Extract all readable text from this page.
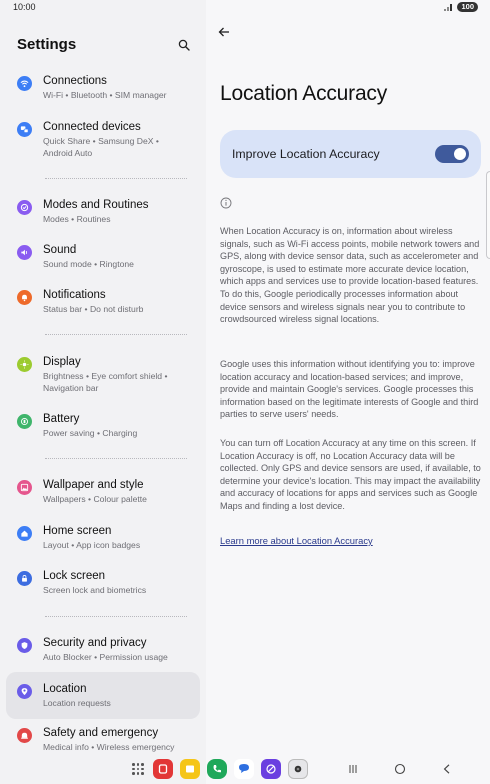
10:00	100
Settings
Connections
Wi-Fi • Bluetooth • SIM manager
Connected devices
Quick Share • Samsung DeX •
Android Auto
Modes and Routines
Modes • Routines
Sound
Sound mode • Ringtone
Notifications
Status bar • Do not disturb
Display
Brightness • Eye comfort shield •
Navigation bar
Battery
Power saving • Charging
Wallpaper and style
Wallpapers • Colour palette
Home screen
Layout • App icon badges
Lock screen
Screen lock and biometrics
Security and privacy
Auto Blocker • Permission usage
Location
Location requests
Safety and emergency
Medical info • Wireless emergency
Location Accuracy
Improve Location Accuracy

When Location Accuracy is on, information about wireless signals, such as Wi-Fi access points, mobile network towers and GPS, along with device sensor data, such as accelerometer and gyroscope, is used to estimate more accurate device location, which apps and services use to provide location-based features. To do this, Google periodically processes information about device sensors and wireless signals near you to contribute to crowdsourced wireless signal locations.

Google uses this information without identifying you to: improve location accuracy and location-based services; and improve, provide and maintain Google's services. Google processes this information based on the legitimate interests of Google and third parties to serve users' needs.

You can turn off Location Accuracy at any time on this screen. If Location Accuracy is off, no Location Accuracy data will be collected. Only GPS and device sensors are used, if available, to determine your device's location. This may impact the availability and accuracy of locations for apps and services such as Google Maps and finding a lost device.

Learn more about Location Accuracy
